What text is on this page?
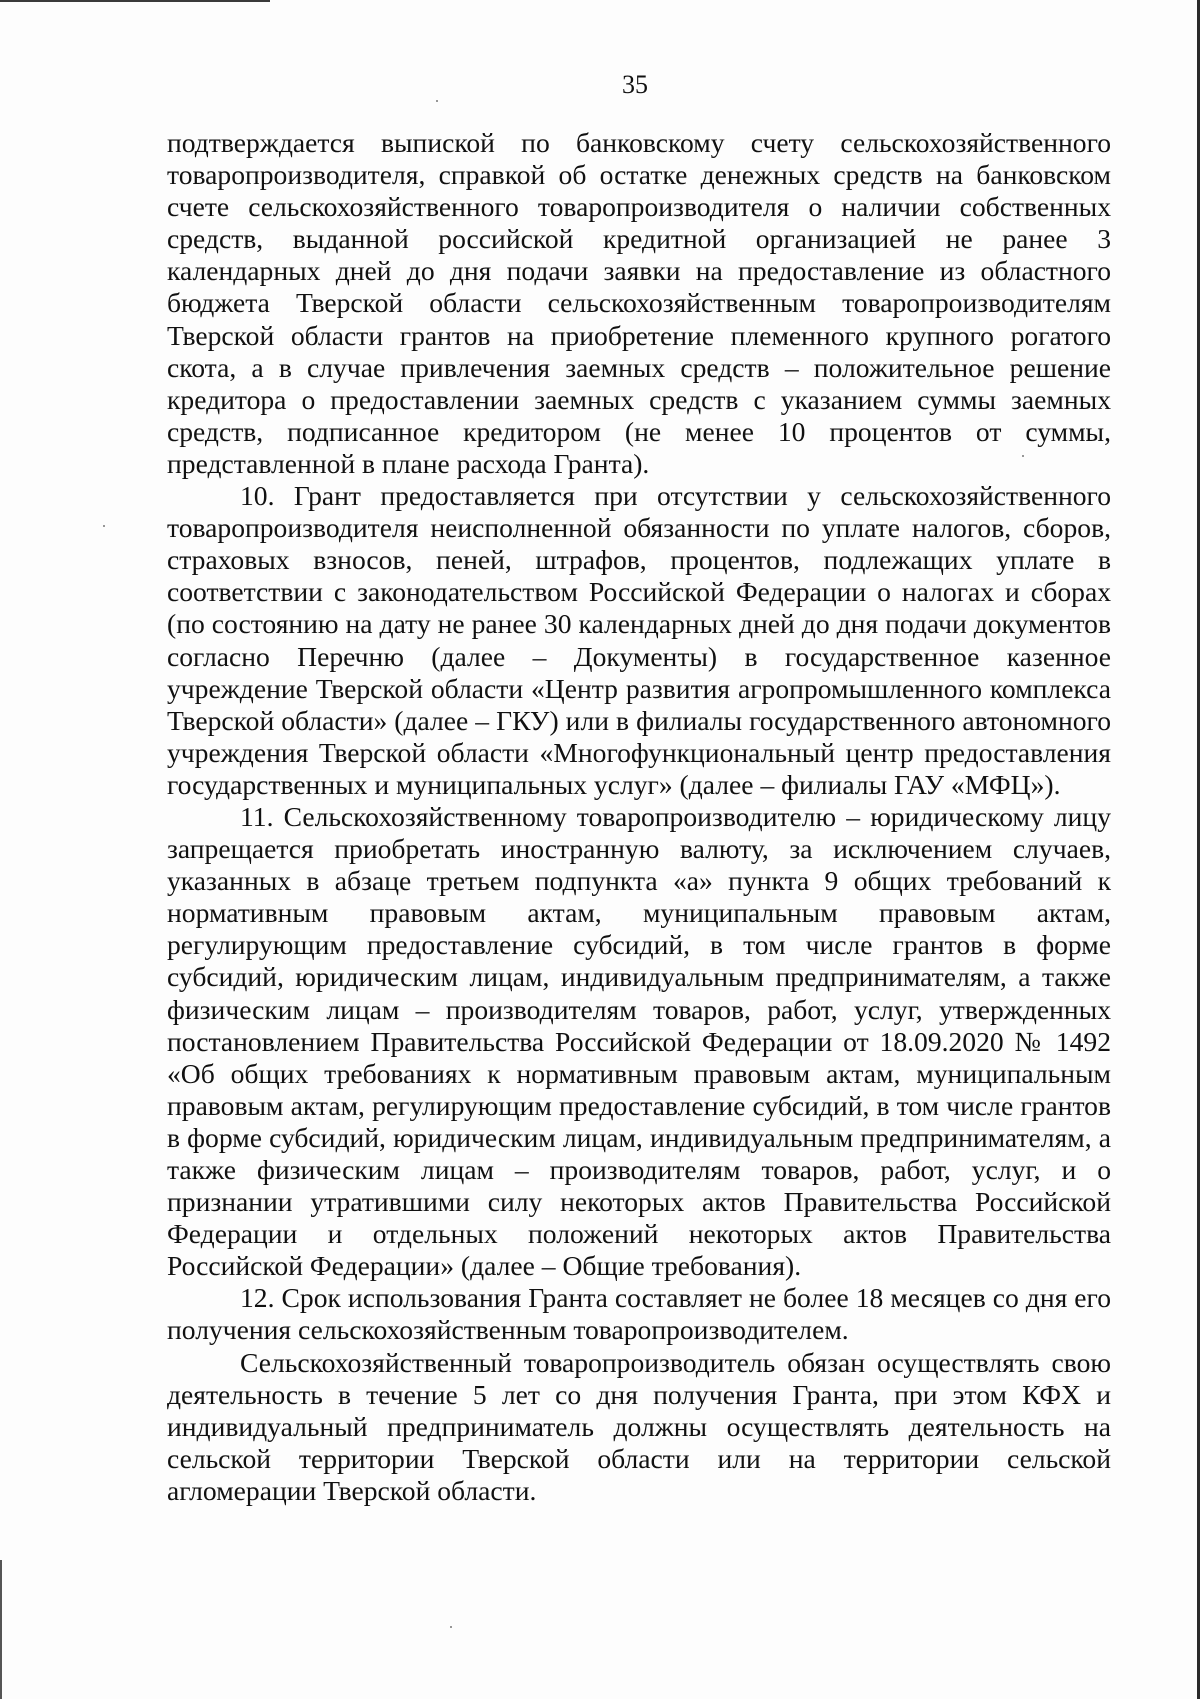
35

подтверждается выпиской по банковскому счету сельскохозяйственного товаропроизводителя, справкой об остатке денежных средств на банковском счете сельскохозяйственного товаропроизводителя о наличии собственных средств, выданной российской кредитной организацией не ранее 3 календарных дней до дня подачи заявки на предоставление из областного бюджета Тверской области сельскохозяйственным товаропроизводителям Тверской области грантов на приобретение племенного крупного рогатого скота, а в случае привлечения заемных средств – положительное решение кредитора о предоставлении заемных средств с указанием суммы заемных средств, подписанное кредитором (не менее 10 процентов от суммы, представленной в плане расхода Гранта).

10. Грант предоставляется при отсутствии у сельскохозяйственного товаропроизводителя неисполненной обязанности по уплате налогов, сборов, страховых взносов, пеней, штрафов, процентов, подлежащих уплате в соответствии с законодательством Российской Федерации о налогах и сборах (по состоянию на дату не ранее 30 календарных дней до дня подачи документов согласно Перечню (далее – Документы) в государственное казенное учреждение Тверской области «Центр развития агропромышленного комплекса Тверской области» (далее – ГКУ) или в филиалы государственного автономного учреждения Тверской области «Многофункциональный центр предоставления государственных и муниципальных услуг» (далее – филиалы ГАУ «МФЦ»).

11. Сельскохозяйственному товаропроизводителю – юридическому лицу запрещается приобретать иностранную валюту, за исключением случаев, указанных в абзаце третьем подпункта «а» пункта 9 общих требований к нормативным правовым актам, муниципальным правовым актам, регулирующим предоставление субсидий, в том числе грантов в форме субсидий, юридическим лицам, индивидуальным предпринимателям, а также физическим лицам – производителям товаров, работ, услуг, утвержденных постановлением Правительства Российской Федерации от 18.09.2020 № 1492 «Об общих требованиях к нормативным правовым актам, муниципальным правовым актам, регулирующим предоставление субсидий, в том числе грантов в форме субсидий, юридическим лицам, индивидуальным предпринимателям, а также физическим лицам – производителям товаров, работ, услуг, и о признании утратившими силу некоторых актов Правительства Российской Федерации и отдельных положений некоторых актов Правительства Российской Федерации» (далее – Общие требования).

12. Срок использования Гранта составляет не более 18 месяцев со дня его получения сельскохозяйственным товаропроизводителем.

Сельскохозяйственный товаропроизводитель обязан осуществлять свою деятельность в течение 5 лет со дня получения Гранта, при этом КФХ и индивидуальный предприниматель должны осуществлять деятельность на сельской территории Тверской области или на территории сельской агломерации Тверской области.
